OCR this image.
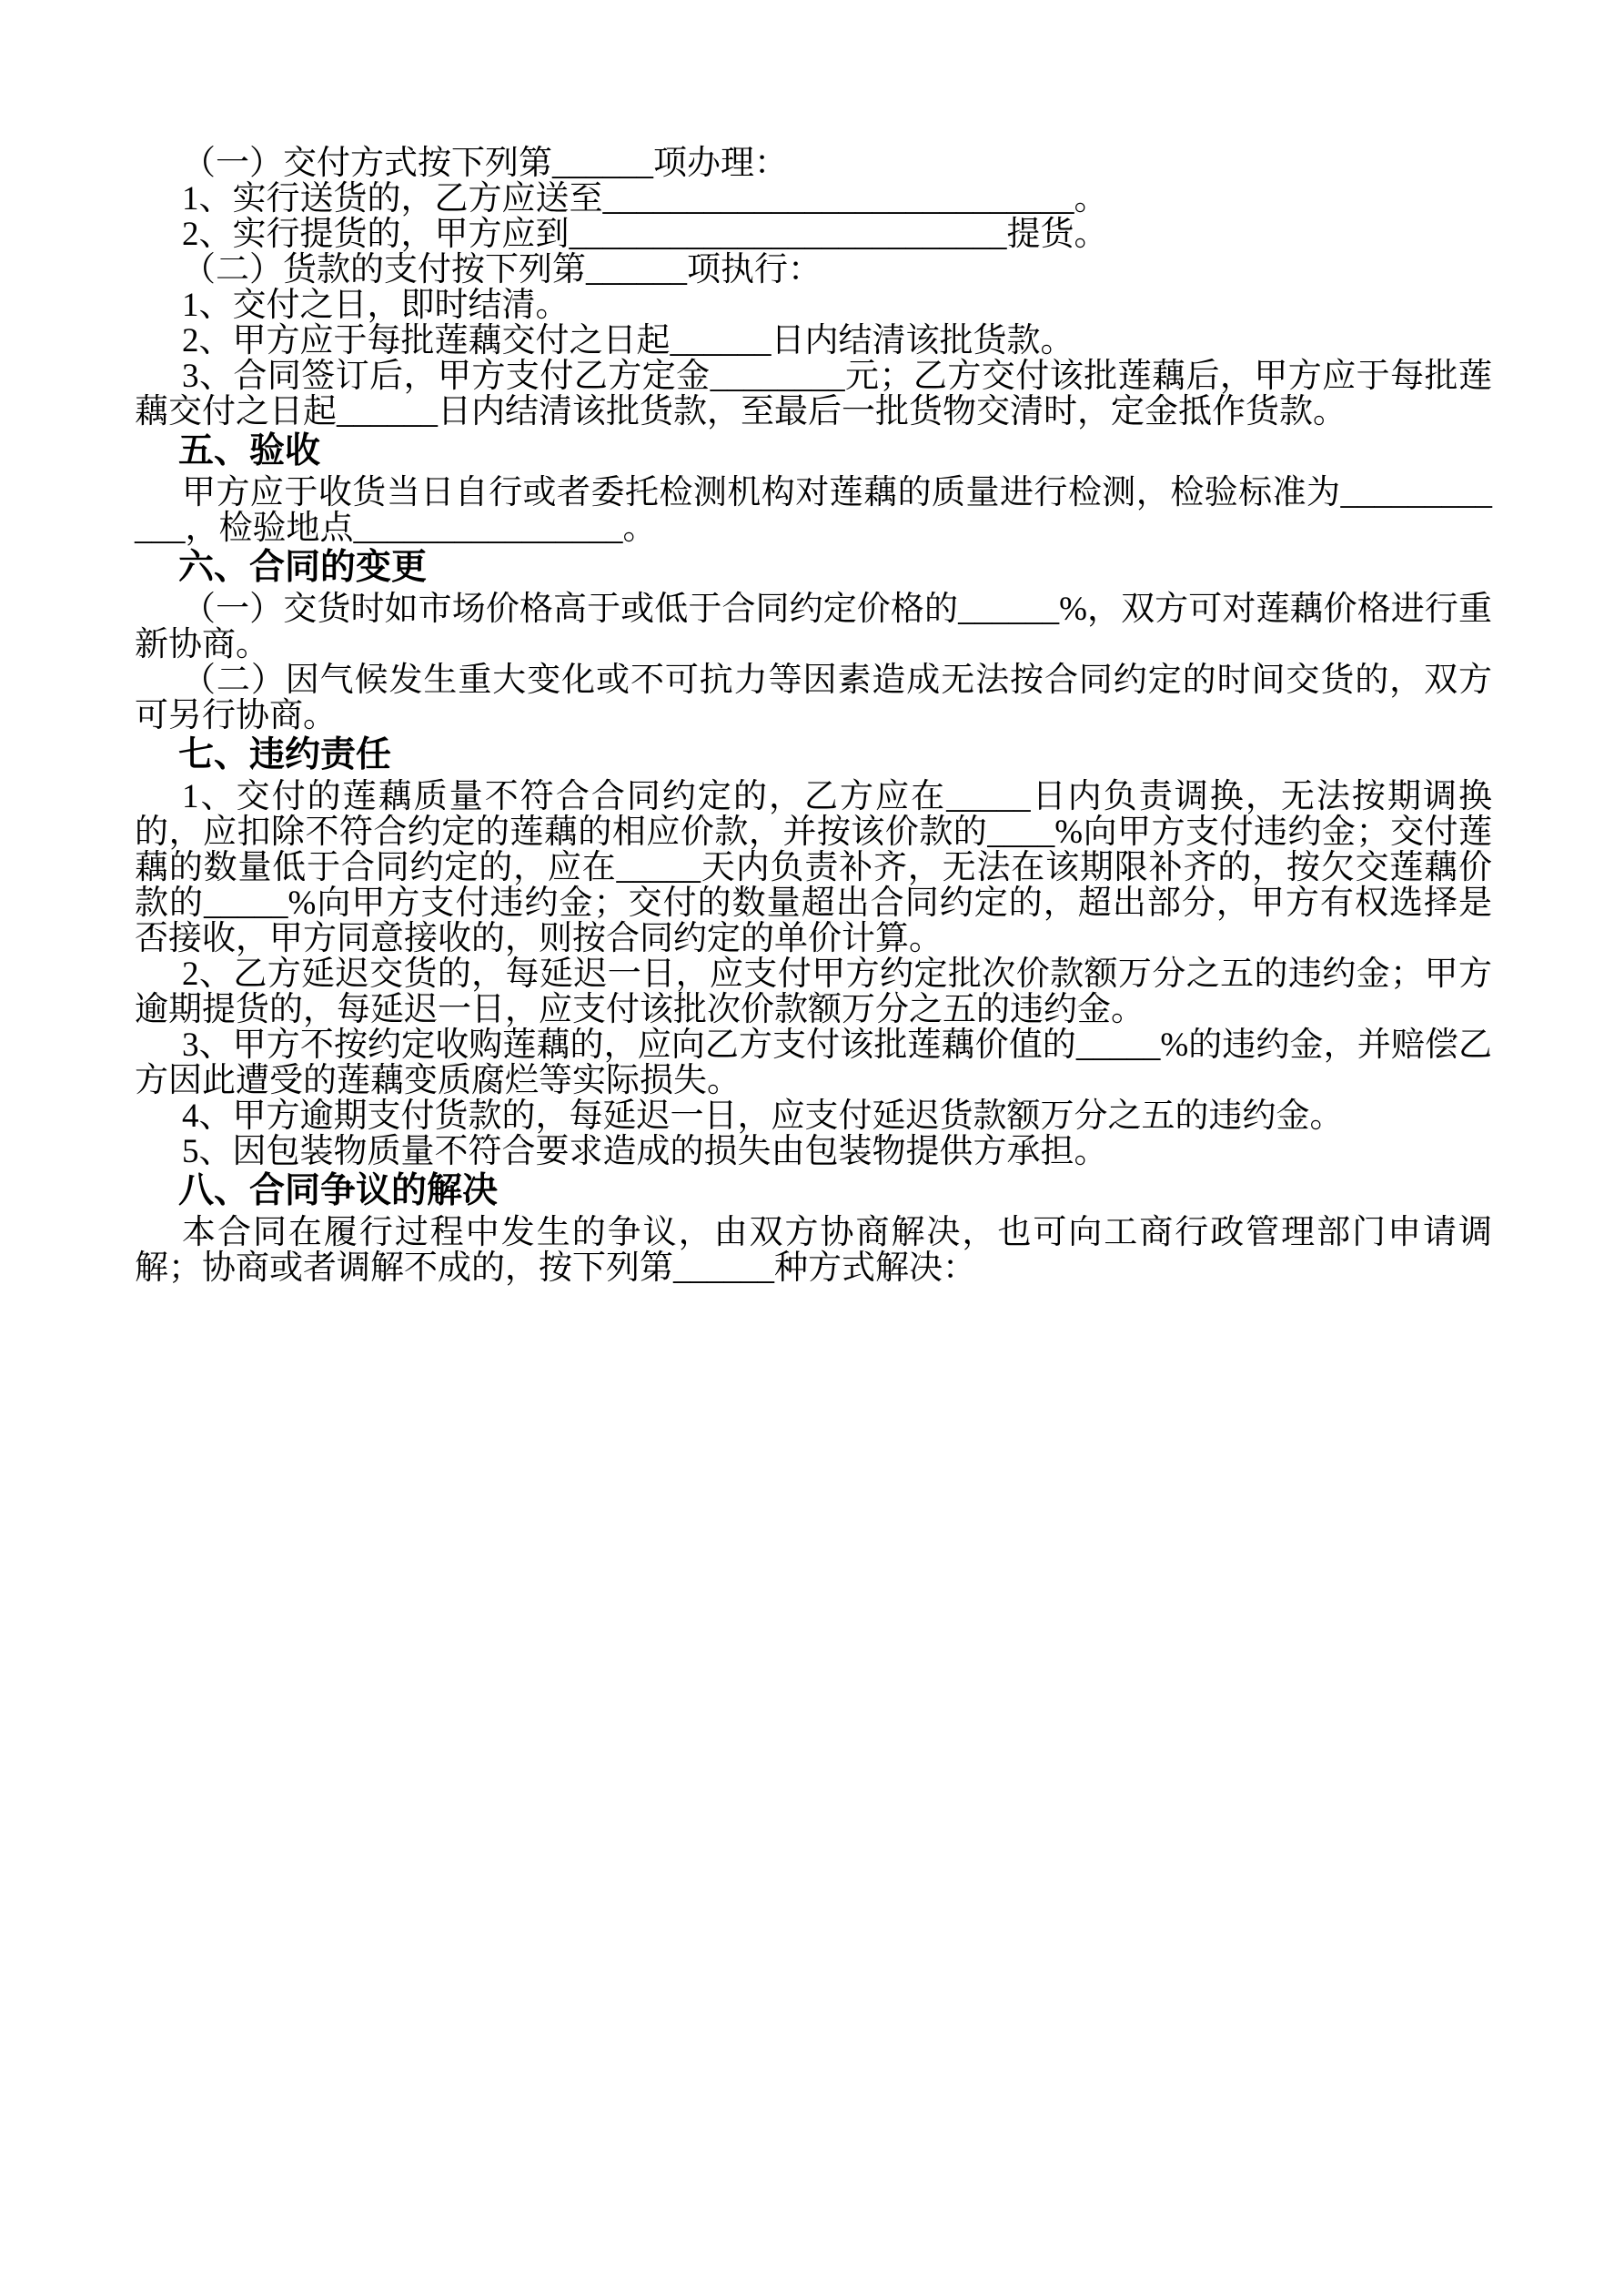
（一）交付方式按下列第______项办理：

1、实行送货的，乙方应送至____________________________。

2、实行提货的，甲方应到__________________________提货。

（二）货款的支付按下列第______项执行：

1、交付之日，即时结清。

2、甲方应于每批莲藕交付之日起______日内结清该批货款。

3、合同签订后，甲方支付乙方定金________元；乙方交付该批莲藕后，甲方应于每批莲藕交付之日起______日内结清该批货款，至最后一批货物交清时，定金抵作货款。

五、验收

甲方应于收货当日自行或者委托检测机构对莲藕的质量进行检测，检验标准为____________，检验地点________________。

六、合同的变更

（一）交货时如市场价格高于或低于合同约定价格的______%，双方可对莲藕价格进行重新协商。

（二）因气候发生重大变化或不可抗力等因素造成无法按合同约定的时间交货的，双方可另行协商。

七、违约责任

1、交付的莲藕质量不符合合同约定的，乙方应在_____日内负责调换，无法按期调换的，应扣除不符合约定的莲藕的相应价款，并按该价款的____%向甲方支付违约金；交付莲藕的数量低于合同约定的，应在_____天内负责补齐，无法在该期限补齐的，按欠交莲藕价款的_____%向甲方支付违约金；交付的数量超出合同约定的，超出部分，甲方有权选择是否接收，甲方同意接收的，则按合同约定的单价计算。

2、乙方延迟交货的，每延迟一日，应支付甲方约定批次价款额万分之五的违约金；甲方逾期提货的，每延迟一日，应支付该批次价款额万分之五的违约金。

3、甲方不按约定收购莲藕的，应向乙方支付该批莲藕价值的_____%的违约金，并赔偿乙方因此遭受的莲藕变质腐烂等实际损失。

4、甲方逾期支付货款的，每延迟一日，应支付延迟货款额万分之五的违约金。

5、因包装物质量不符合要求造成的损失由包装物提供方承担。

八、合同争议的解决

本合同在履行过程中发生的争议，由双方协商解决，也可向工商行政管理部门申请调解；协商或者调解不成的，按下列第______种方式解决：
